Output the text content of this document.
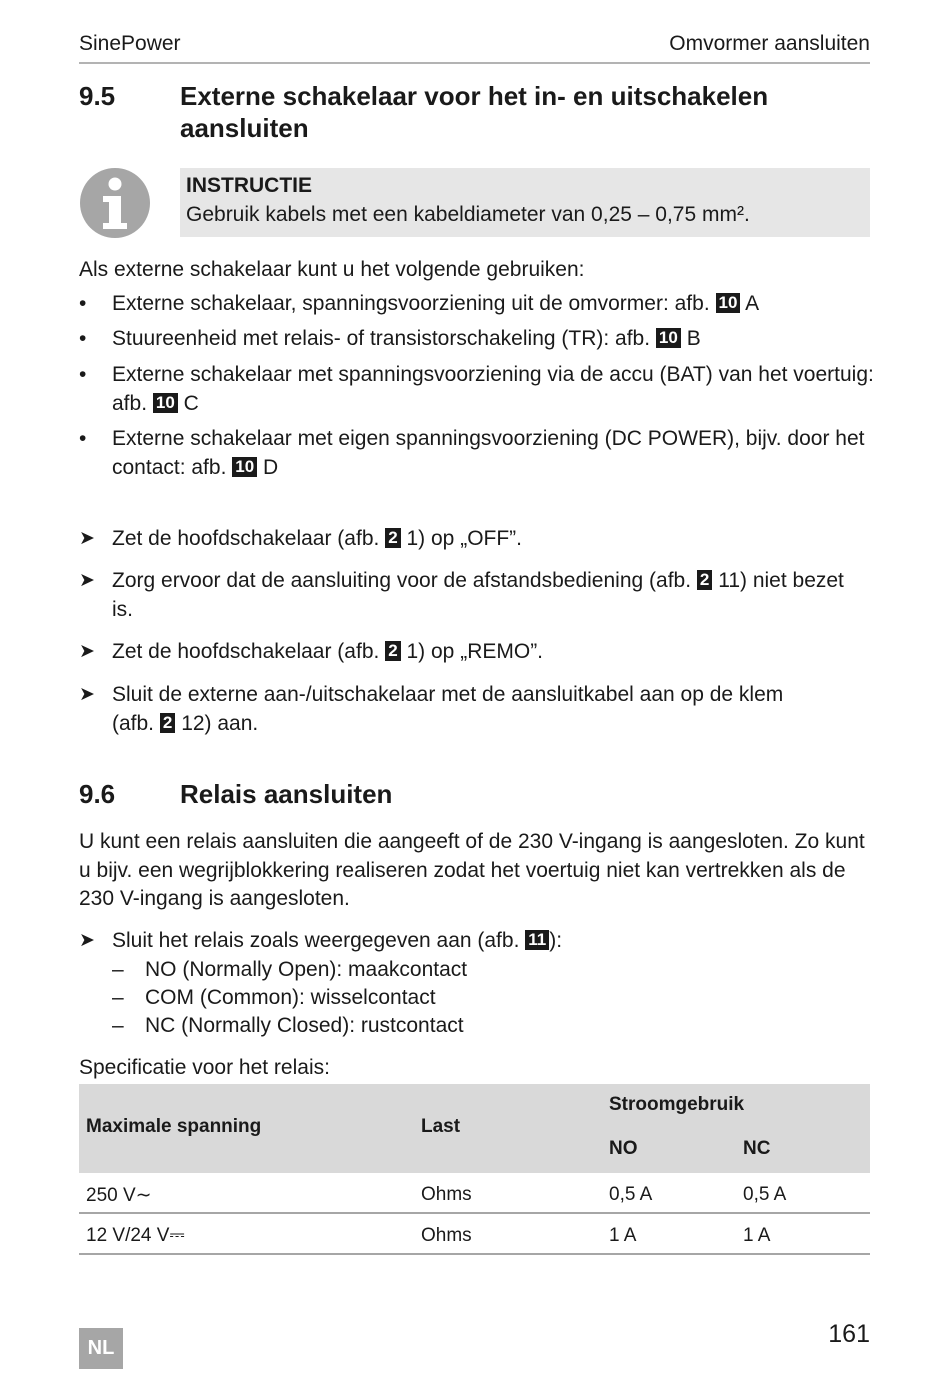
SinePower	Omvormer aansluiten
9.5 Externe schakelaar voor het in- en uitschakelen
aansluiten
INSTRUCTIE
Gebruik kabels met een kabeldiameter van 0,25 – 0,75 mm².
Als externe schakelaar kunt u het volgende gebruiken:
• Externe schakelaar, spanningsvoorziening uit de omvormer: afb. 10 A
• Stuureenheid met relais- of transistorschakeling (TR): afb. 10 B
• Externe schakelaar met spanningsvoorziening via de accu (BAT) van het voertuig:
afb. 10 C
• Externe schakelaar met eigen spanningsvoorziening (DC POWER), bijv. door het
contact: afb. 10 D
➤ Zet de hoofdschakelaar (afb. 2 1) op „OFF”.
➤ Zorg ervoor dat de aansluiting voor de afstandsbediening (afb. 2 11) niet bezet
is.
➤ Zet de hoofdschakelaar (afb. 2 1) op „REMO”.
➤ Sluit de externe aan-/uitschakelaar met de aansluitkabel aan op de klem
(afb. 2 12) aan.
9.6 Relais aansluiten
U kunt een relais aansluiten die aangeeft of de 230 V-ingang is aangesloten. Zo kunt
u bijv. een wegrijblokkering realiseren zodat het voertuig niet kan vertrekken als de
230 V-ingang is aangesloten.
➤ Sluit het relais zoals weergegeven aan (afb. 11 ):
– NO (Normally Open): maakcontact
– COM (Common): wisselcontact
– NC (Normally Closed): rustcontact
Specificatie voor het relais:
Maximale spanning	Last
Stroomgebruik
NO	NC
250 V∼	Ohms	0,5 A	0,5 A
12 V/24 V⎓	Ohms	1 A	1 A
161
NL
